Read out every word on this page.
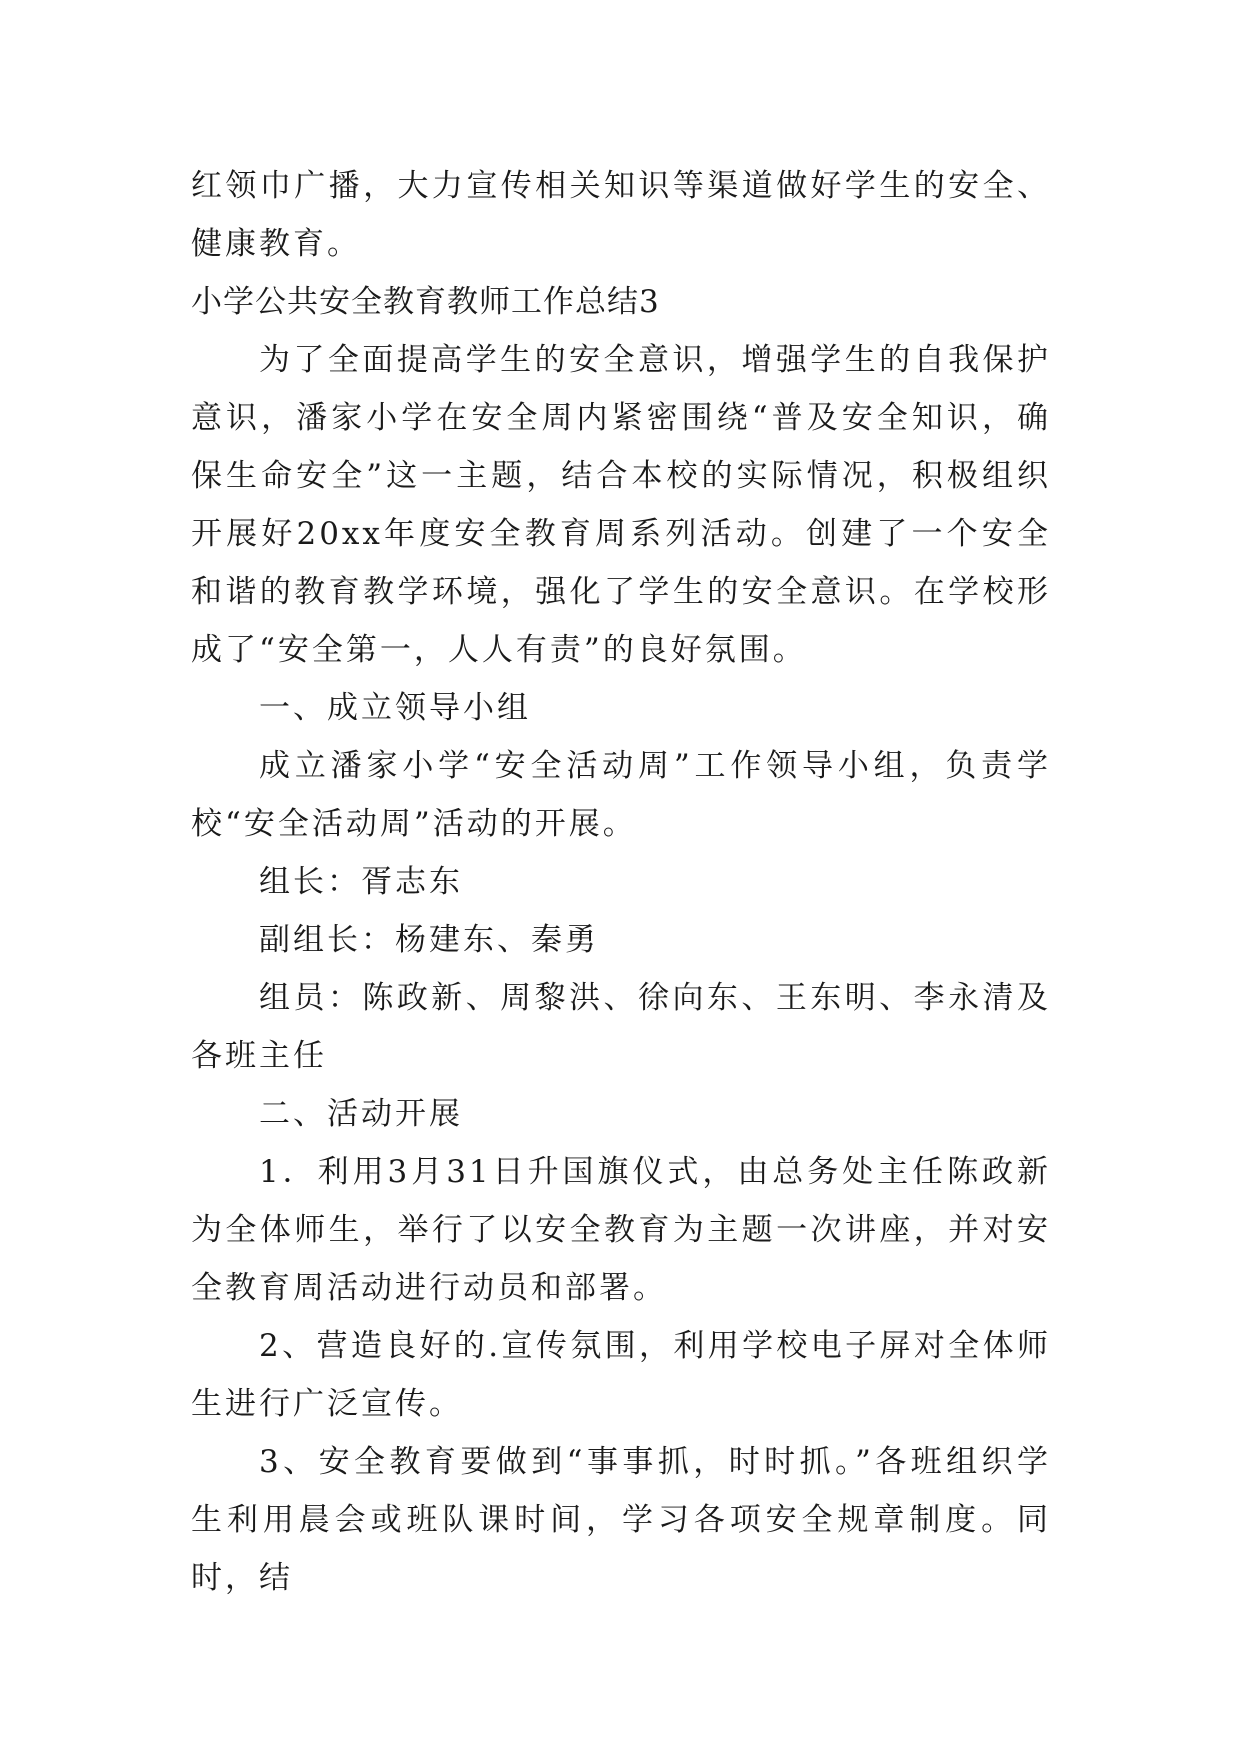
红领巾广播，大力宣传相关知识等渠道做好学生的安全、健康教育。

小学公共安全教育教师工作总结3

为了全面提高学生的安全意识，增强学生的自我保护意识，潘家小学在安全周内紧密围绕“普及安全知识，确保生命安全”这一主题，结合本校的实际情况，积极组织开展好20xx年度安全教育周系列活动。创建了一个安全和谐的教育教学环境，强化了学生的安全意识。在学校形成了“安全第一，人人有责”的良好氛围。

一、成立领导小组

成立潘家小学“安全活动周”工作领导小组，负责学校“安全活动周”活动的开展。

组长：胥志东

副组长：杨建东、秦勇

组员：陈政新、周黎洪、徐向东、王东明、李永清及各班主任

二、活动开展

1．利用3月31日升国旗仪式，由总务处主任陈政新为全体师生，举行了以安全教育为主题一次讲座，并对安全教育周活动进行动员和部署。

2、营造良好的.宣传氛围，利用学校电子屏对全体师生进行广泛宣传。

3、安全教育要做到“事事抓，时时抓。”各班组织学生利用晨会或班队课时间，学习各项安全规章制度。同时，结
